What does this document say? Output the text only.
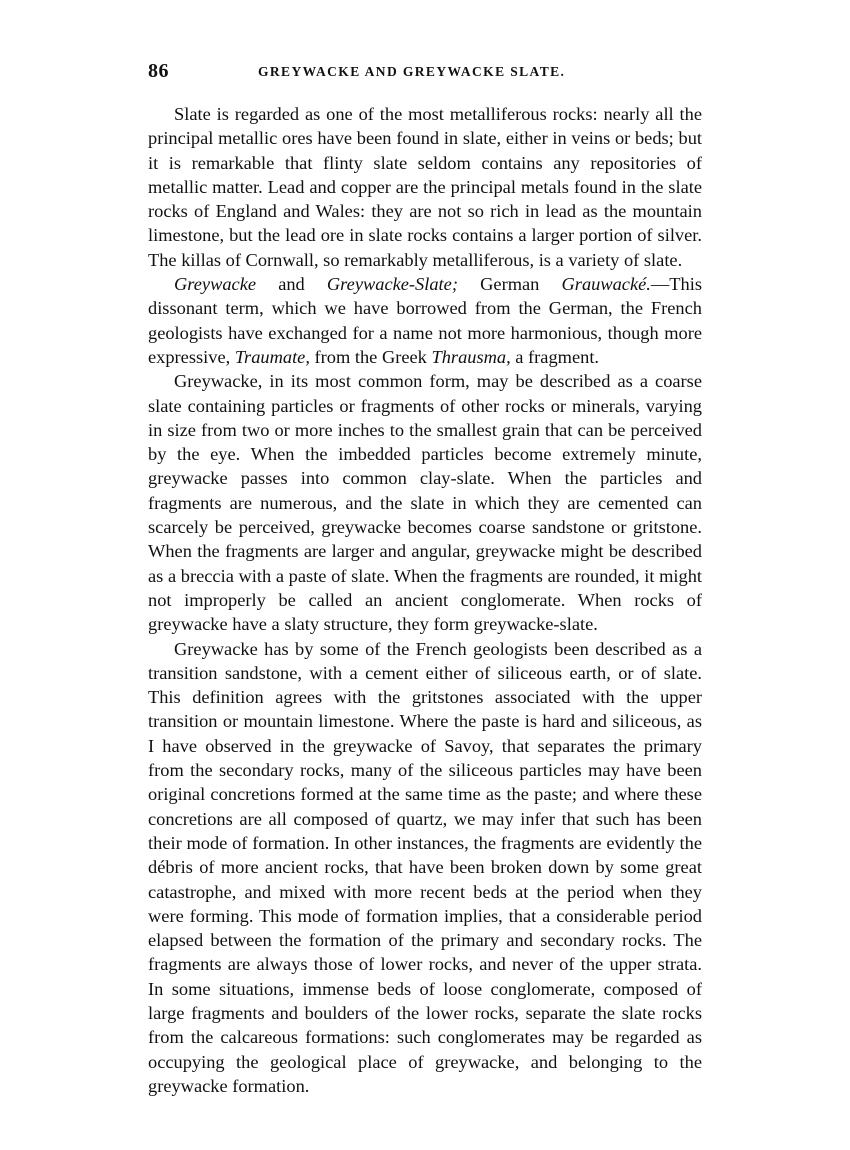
86	GREYWACKE AND GREYWACKE SLATE.

Slate is regarded as one of the most metalliferous rocks: nearly all the principal metallic ores have been found in slate, either in veins or beds; but it is remarkable that flinty slate seldom contains any repositories of metallic matter. Lead and copper are the principal metals found in the slate rocks of England and Wales: they are not so rich in lead as the mountain limestone, but the lead ore in slate rocks contains a larger portion of silver. The killas of Cornwall, so remarkably metalliferous, is a variety of slate.

Greywacke and Greywacke-Slate; German Grauwacké.—This dissonant term, which we have borrowed from the German, the French geologists have exchanged for a name not more harmonious, though more expressive, Traumate, from the Greek Thrausma, a fragment.

Greywacke, in its most common form, may be described as a coarse slate containing particles or fragments of other rocks or minerals, varying in size from two or more inches to the smallest grain that can be perceived by the eye. When the imbedded particles become extremely minute, greywacke passes into common clay-slate. When the particles and fragments are numerous, and the slate in which they are cemented can scarcely be perceived, greywacke becomes coarse sandstone or gritstone. When the fragments are larger and angular, greywacke might be described as a breccia with a paste of slate. When the fragments are rounded, it might not improperly be called an ancient conglomerate. When rocks of greywacke have a slaty structure, they form greywacke-slate.

Greywacke has by some of the French geologists been described as a transition sandstone, with a cement either of siliceous earth, or of slate. This definition agrees with the gritstones associated with the upper transition or mountain limestone. Where the paste is hard and siliceous, as I have observed in the greywacke of Savoy, that separates the primary from the secondary rocks, many of the siliceous particles may have been original concretions formed at the same time as the paste; and where these concretions are all composed of quartz, we may infer that such has been their mode of formation. In other instances, the fragments are evidently the débris of more ancient rocks, that have been broken down by some great catastrophe, and mixed with more recent beds at the period when they were forming. This mode of formation implies, that a considerable period elapsed between the formation of the primary and secondary rocks. The fragments are always those of lower rocks, and never of the upper strata. In some situations, immense beds of loose conglomerate, composed of large fragments and boulders of the lower rocks, separate the slate rocks from the calcareous formations: such conglomerates may be regarded as occupying the geological place of greywacke, and belonging to the greywacke formation.
